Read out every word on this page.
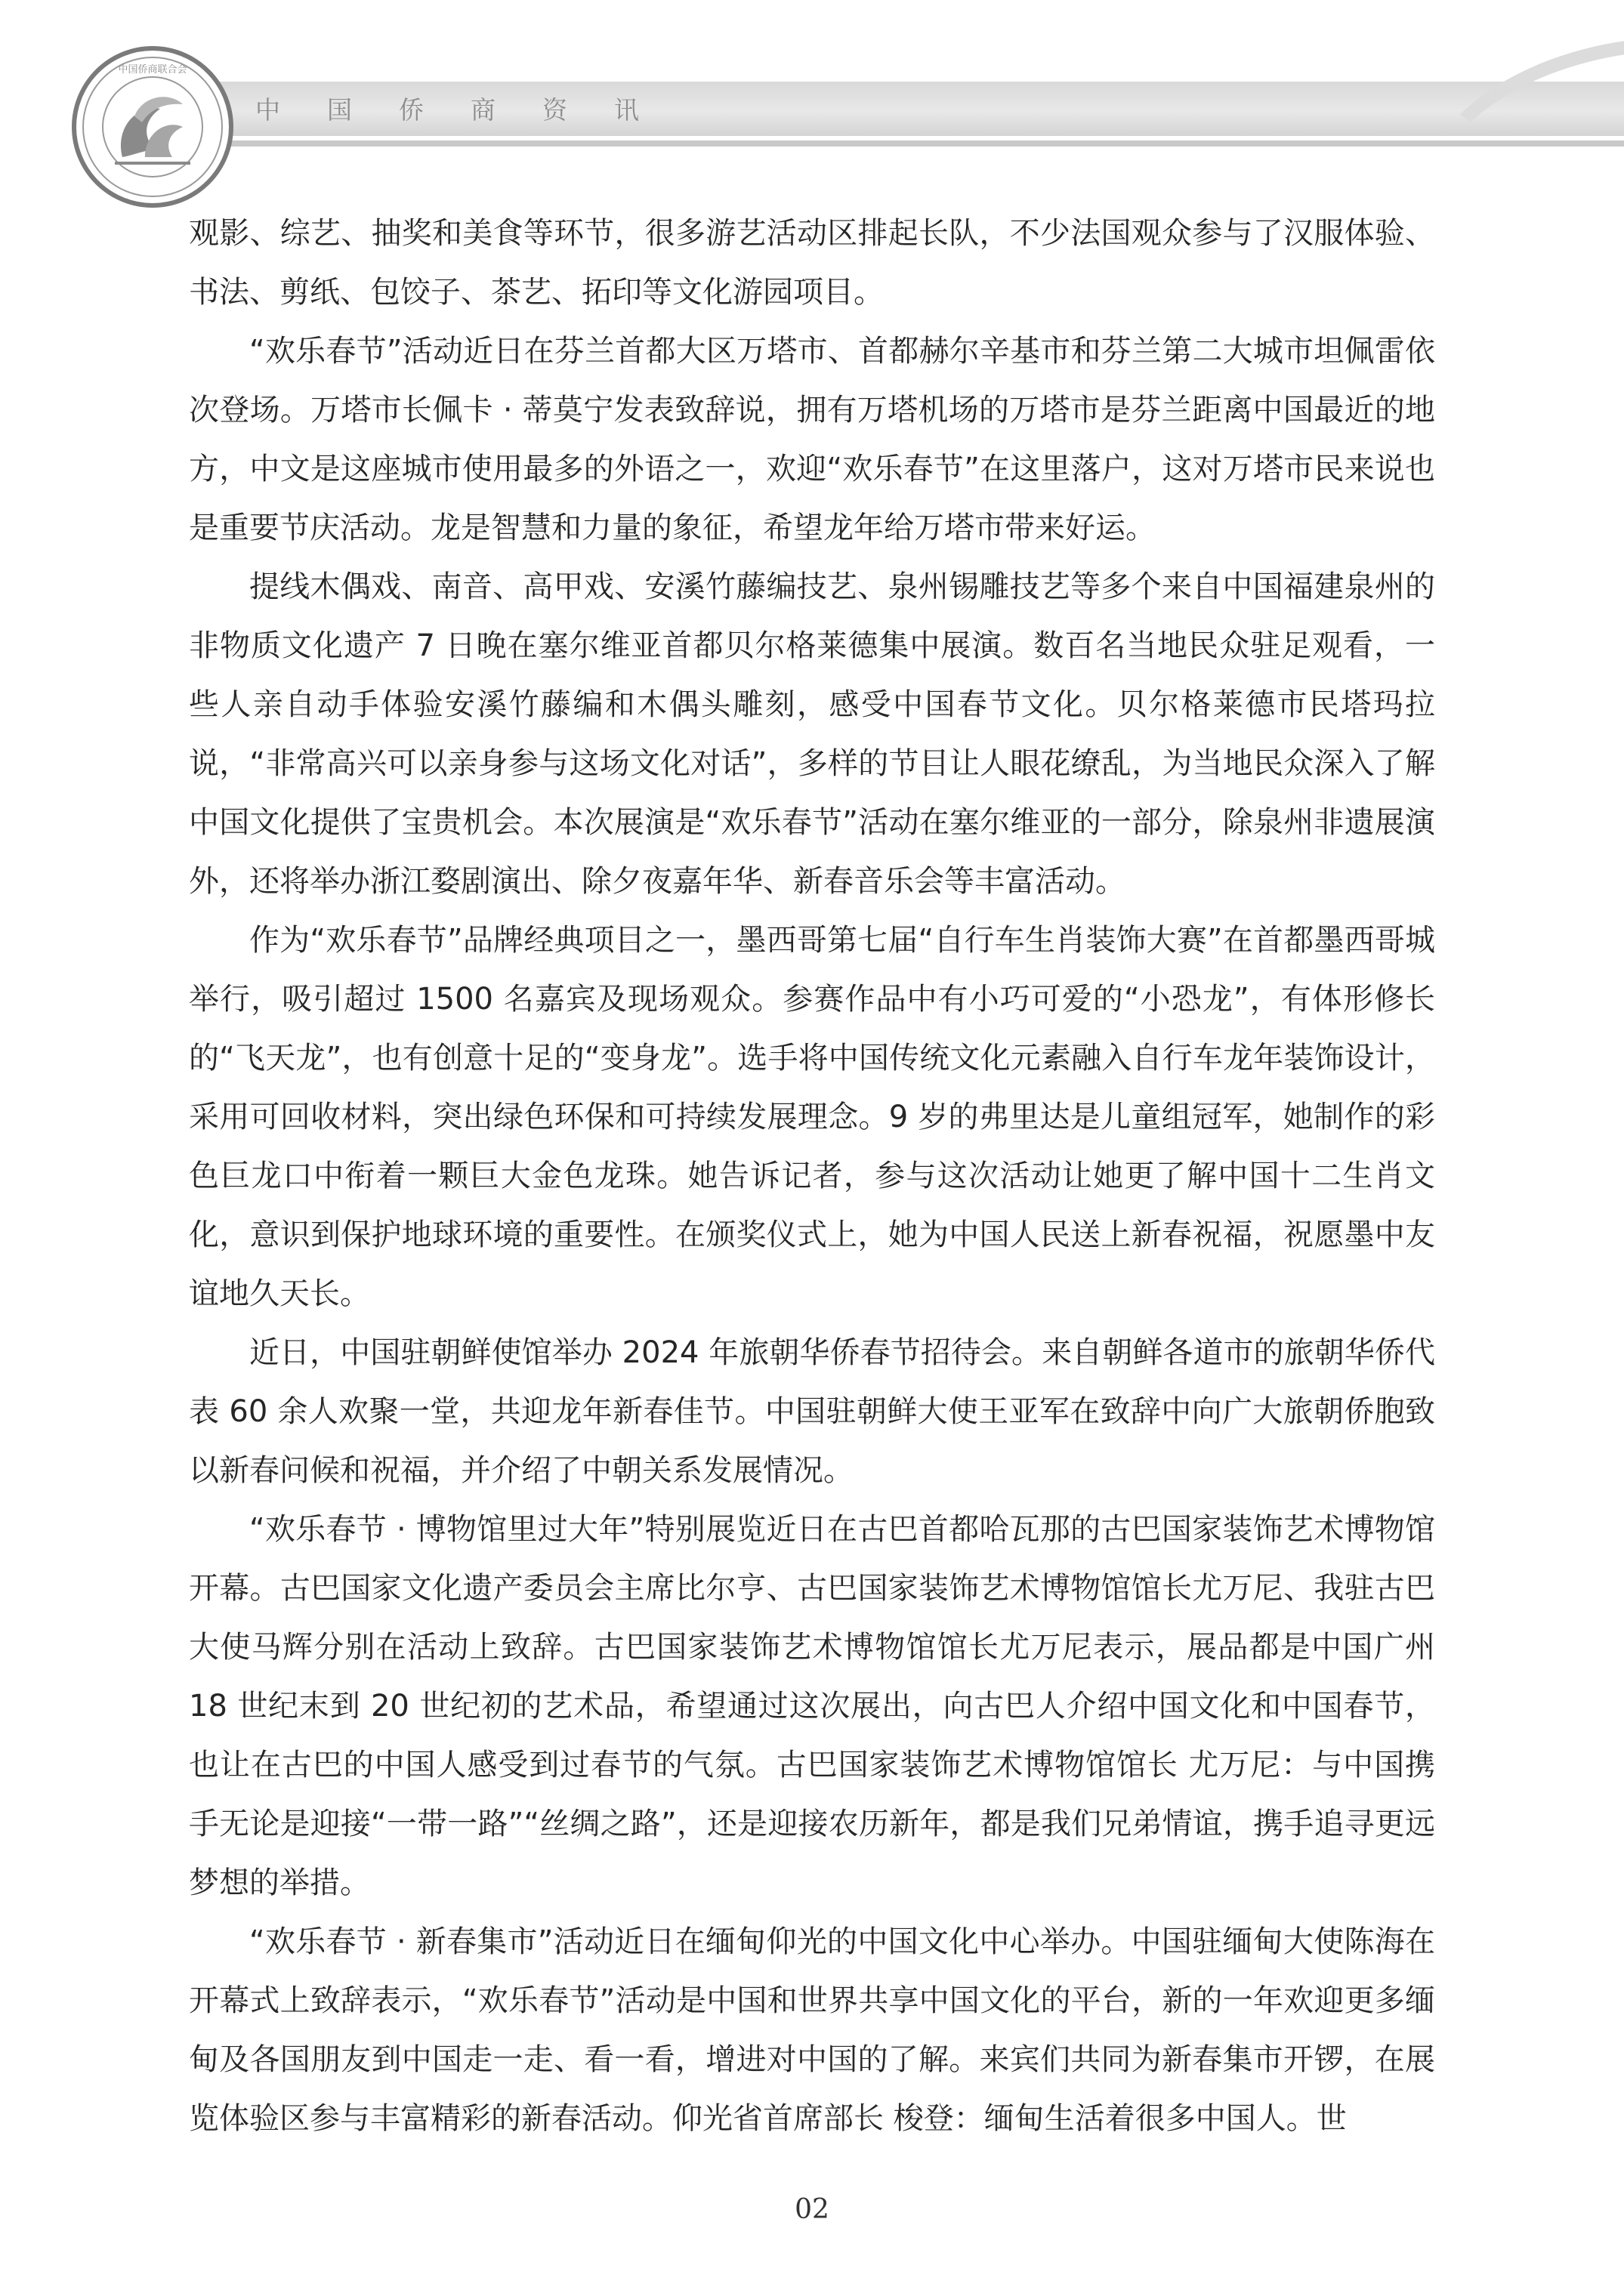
中国侨商联合会
中国侨商资讯

观影、综艺、抽奖和美食等环节，很多游艺活动区排起长队，不少法国观众参与了汉服体验、书法、剪纸、包饺子、茶艺、拓印等文化游园项目。

“欢乐春节”活动近日在芬兰首都大区万塔市、首都赫尔辛基市和芬兰第二大城市坦佩雷依次登场。万塔市长佩卡 · 蒂莫宁发表致辞说，拥有万塔机场的万塔市是芬兰距离中国最近的地方，中文是这座城市使用最多的外语之一，欢迎“欢乐春节”在这里落户，这对万塔市民来说也是重要节庆活动。龙是智慧和力量的象征，希望龙年给万塔市带来好运。

提线木偶戏、南音、高甲戏、安溪竹藤编技艺、泉州锡雕技艺等多个来自中国福建泉州的非物质文化遗产 7 日晚在塞尔维亚首都贝尔格莱德集中展演。数百名当地民众驻足观看，一些人亲自动手体验安溪竹藤编和木偶头雕刻，感受中国春节文化。贝尔格莱德市民塔玛拉说，“非常高兴可以亲身参与这场文化对话”，多样的节目让人眼花缭乱，为当地民众深入了解中国文化提供了宝贵机会。本次展演是“欢乐春节”活动在塞尔维亚的一部分，除泉州非遗展演外，还将举办浙江婺剧演出、除夕夜嘉年华、新春音乐会等丰富活动。

作为“欢乐春节”品牌经典项目之一，墨西哥第七届“自行车生肖装饰大赛”在首都墨西哥城举行，吸引超过 1500 名嘉宾及现场观众。参赛作品中有小巧可爱的“小恐龙”，有体形修长的“飞天龙”，也有创意十足的“变身龙”。选手将中国传统文化元素融入自行车龙年装饰设计，采用可回收材料，突出绿色环保和可持续发展理念。9 岁的弗里达是儿童组冠军，她制作的彩色巨龙口中衔着一颗巨大金色龙珠。她告诉记者，参与这次活动让她更了解中国十二生肖文化，意识到保护地球环境的重要性。在颁奖仪式上，她为中国人民送上新春祝福，祝愿墨中友谊地久天长。

近日，中国驻朝鲜使馆举办 2024 年旅朝华侨春节招待会。来自朝鲜各道市的旅朝华侨代表 60 余人欢聚一堂，共迎龙年新春佳节。中国驻朝鲜大使王亚军在致辞中向广大旅朝侨胞致以新春问候和祝福，并介绍了中朝关系发展情况。

“欢乐春节 · 博物馆里过大年”特别展览近日在古巴首都哈瓦那的古巴国家装饰艺术博物馆开幕。古巴国家文化遗产委员会主席比尔亨、古巴国家装饰艺术博物馆馆长尤万尼、我驻古巴大使马辉分别在活动上致辞。古巴国家装饰艺术博物馆馆长尤万尼表示，展品都是中国广州 18 世纪末到 20 世纪初的艺术品，希望通过这次展出，向古巴人介绍中国文化和中国春节，也让在古巴的中国人感受到过春节的气氛。古巴国家装饰艺术博物馆馆长 尤万尼：与中国携手无论是迎接“一带一路”“丝绸之路”，还是迎接农历新年，都是我们兄弟情谊，携手追寻更远梦想的举措。

“欢乐春节 · 新春集市”活动近日在缅甸仰光的中国文化中心举办。中国驻缅甸大使陈海在开幕式上致辞表示，“欢乐春节”活动是中国和世界共享中国文化的平台，新的一年欢迎更多缅甸及各国朋友到中国走一走、看一看，增进对中国的了解。来宾们共同为新春集市开锣，在展览体验区参与丰富精彩的新春活动。仰光省首席部长 梭登：缅甸生活着很多中国人。世

02
